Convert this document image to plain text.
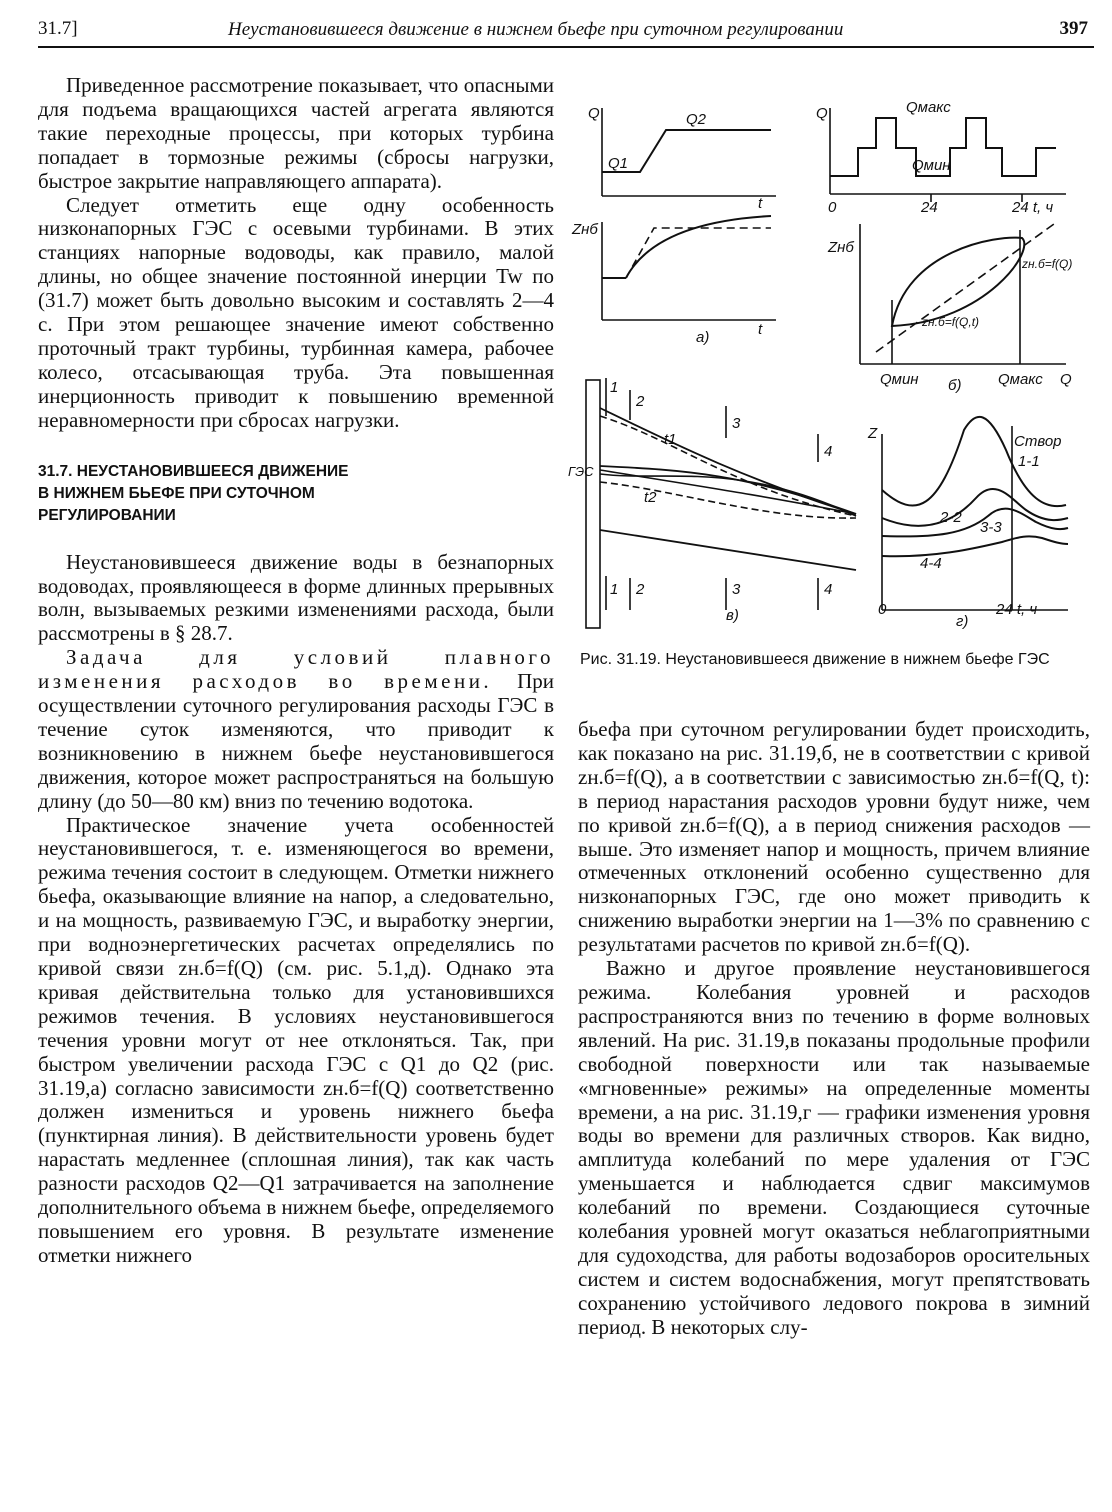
31.7]	Неустановившееся движение в нижнем бьефе при суточном регулировании	397

Приведенное рассмотрение показывает, что опасными для подъема вращающихся частей агрегата являются такие переходные процессы, при которых турбина попадает в тормозные режимы (сбросы нагрузки, быстрое закрытие направляющего аппарата).

Следует отметить еще одну особенность низконапорных ГЭС с осевыми турбинами. В этих станциях напорные водоводы, как правило, малой длины, но общее значение постоянной инерции Tw по (31.7) может быть довольно высоким и составлять 2—4 с. При этом решающее значение имеют собственно проточный тракт турбины, турбинная камера, рабочее колесо, отсасывающая труба. Эта повышенная инерционность приводит к повышению временной неравномерности при сбросах нагрузки.

31.7. НЕУСТАНОВИВШЕЕСЯ ДВИЖЕНИЕ
В НИЖНЕМ БЬЕФЕ ПРИ СУТОЧНОМ
РЕГУЛИРОВАНИИ

Неустановившееся движение воды в безнапорных водоводах, проявляющееся в форме длинных прерывных волн, вызываемых резкими изменениями расхода, были рассмотрены в § 28.7.

Задача для условий плавного изменения расходов во времени. При осуществлении суточного регулирования расходы ГЭС в течение суток изменяются, что приводит к возникновению в нижнем бьефе неустановившегося движения, которое может распространяться на большую длину (до 50—80 км) вниз по течению водотока.

Практическое значение учета особенностей неустановившегося, т. е. изменяющегося во времени, режима течения состоит в следующем. Отметки нижнего бьефа, оказывающие влияние на напор, а следовательно, и на мощность, развиваемую ГЭС, и выработку энергии, при водноэнергетических расчетах определялись по кривой связи zн.б=f(Q) (см. рис. 5.1,д). Однако эта кривая действительна только для установившихся режимов течения. В условиях неустановившегося течения уровни могут от нее отклоняться. Так, при быстром увеличении расхода ГЭС с Q1 до Q2 (рис. 31.19,а) согласно зависимости zн.б=f(Q) соответственно должен измениться и уровень нижнего бьефа (пунктирная линия). В действительности уровень будет нарастать медленнее (сплошная линия), так как часть разности расходов Q2—Q1 затрачивается на заполнение дополнительного объема в нижнем бьефе, определяемого повышением его уровня. В результате изменение отметки нижнего

Q
Q1
Q2
t
Zнб
а)	t
Q	Qмакс
Qмин
0	24	24 t, ч
Zнб
zн.б=f(Q)
zн.б=f(Q,t)
Qмин б) Qмакс Q
ГЭС
t1
t2
1
2
3
4
1 2	3	4
в)
Z	Створ
1-1
2-2
3-3
4-4
0
г)
24 t, ч
Рис. 31.19. Неустановившееся движение в нижнем бьефе ГЭС

бьефа при суточном регулировании будет происходить, как показано на рис. 31.19,б, не в соответствии с кривой zн.б=f(Q), а в соответствии с зависимостью zн.б=f(Q, t): в период нарастания расходов уровни будут ниже, чем по кривой zн.б=f(Q), а в период снижения расходов — выше. Это изменяет напор и мощность, причем влияние отмеченных отклонений особенно существенно для низконапорных ГЭС, где оно может приводить к снижению выработки энергии на 1—3% по сравнению с результатами расчетов по кривой zн.б=f(Q).

Важно и другое проявление неустановившегося режима. Колебания уровней и расходов распространяются вниз по течению в форме волновых явлений. На рис. 31.19,в показаны продольные профили свободной поверхности или так называемые «мгновенные» режимы» на определенные моменты времени, а на рис. 31.19,г — графики изменения уровня воды во времени для различных створов. Как видно, амплитуда колебаний по мере удаления от ГЭС уменьшается и наблюдается сдвиг максимумов колебаний по времени. Создающиеся суточные колебания уровней могут оказаться неблагоприятными для судоходства, для работы водозаборов оросительных систем и систем водоснабжения, могут препятствовать сохранению устойчивого ледового покрова в зимний период. В некоторых слу-
